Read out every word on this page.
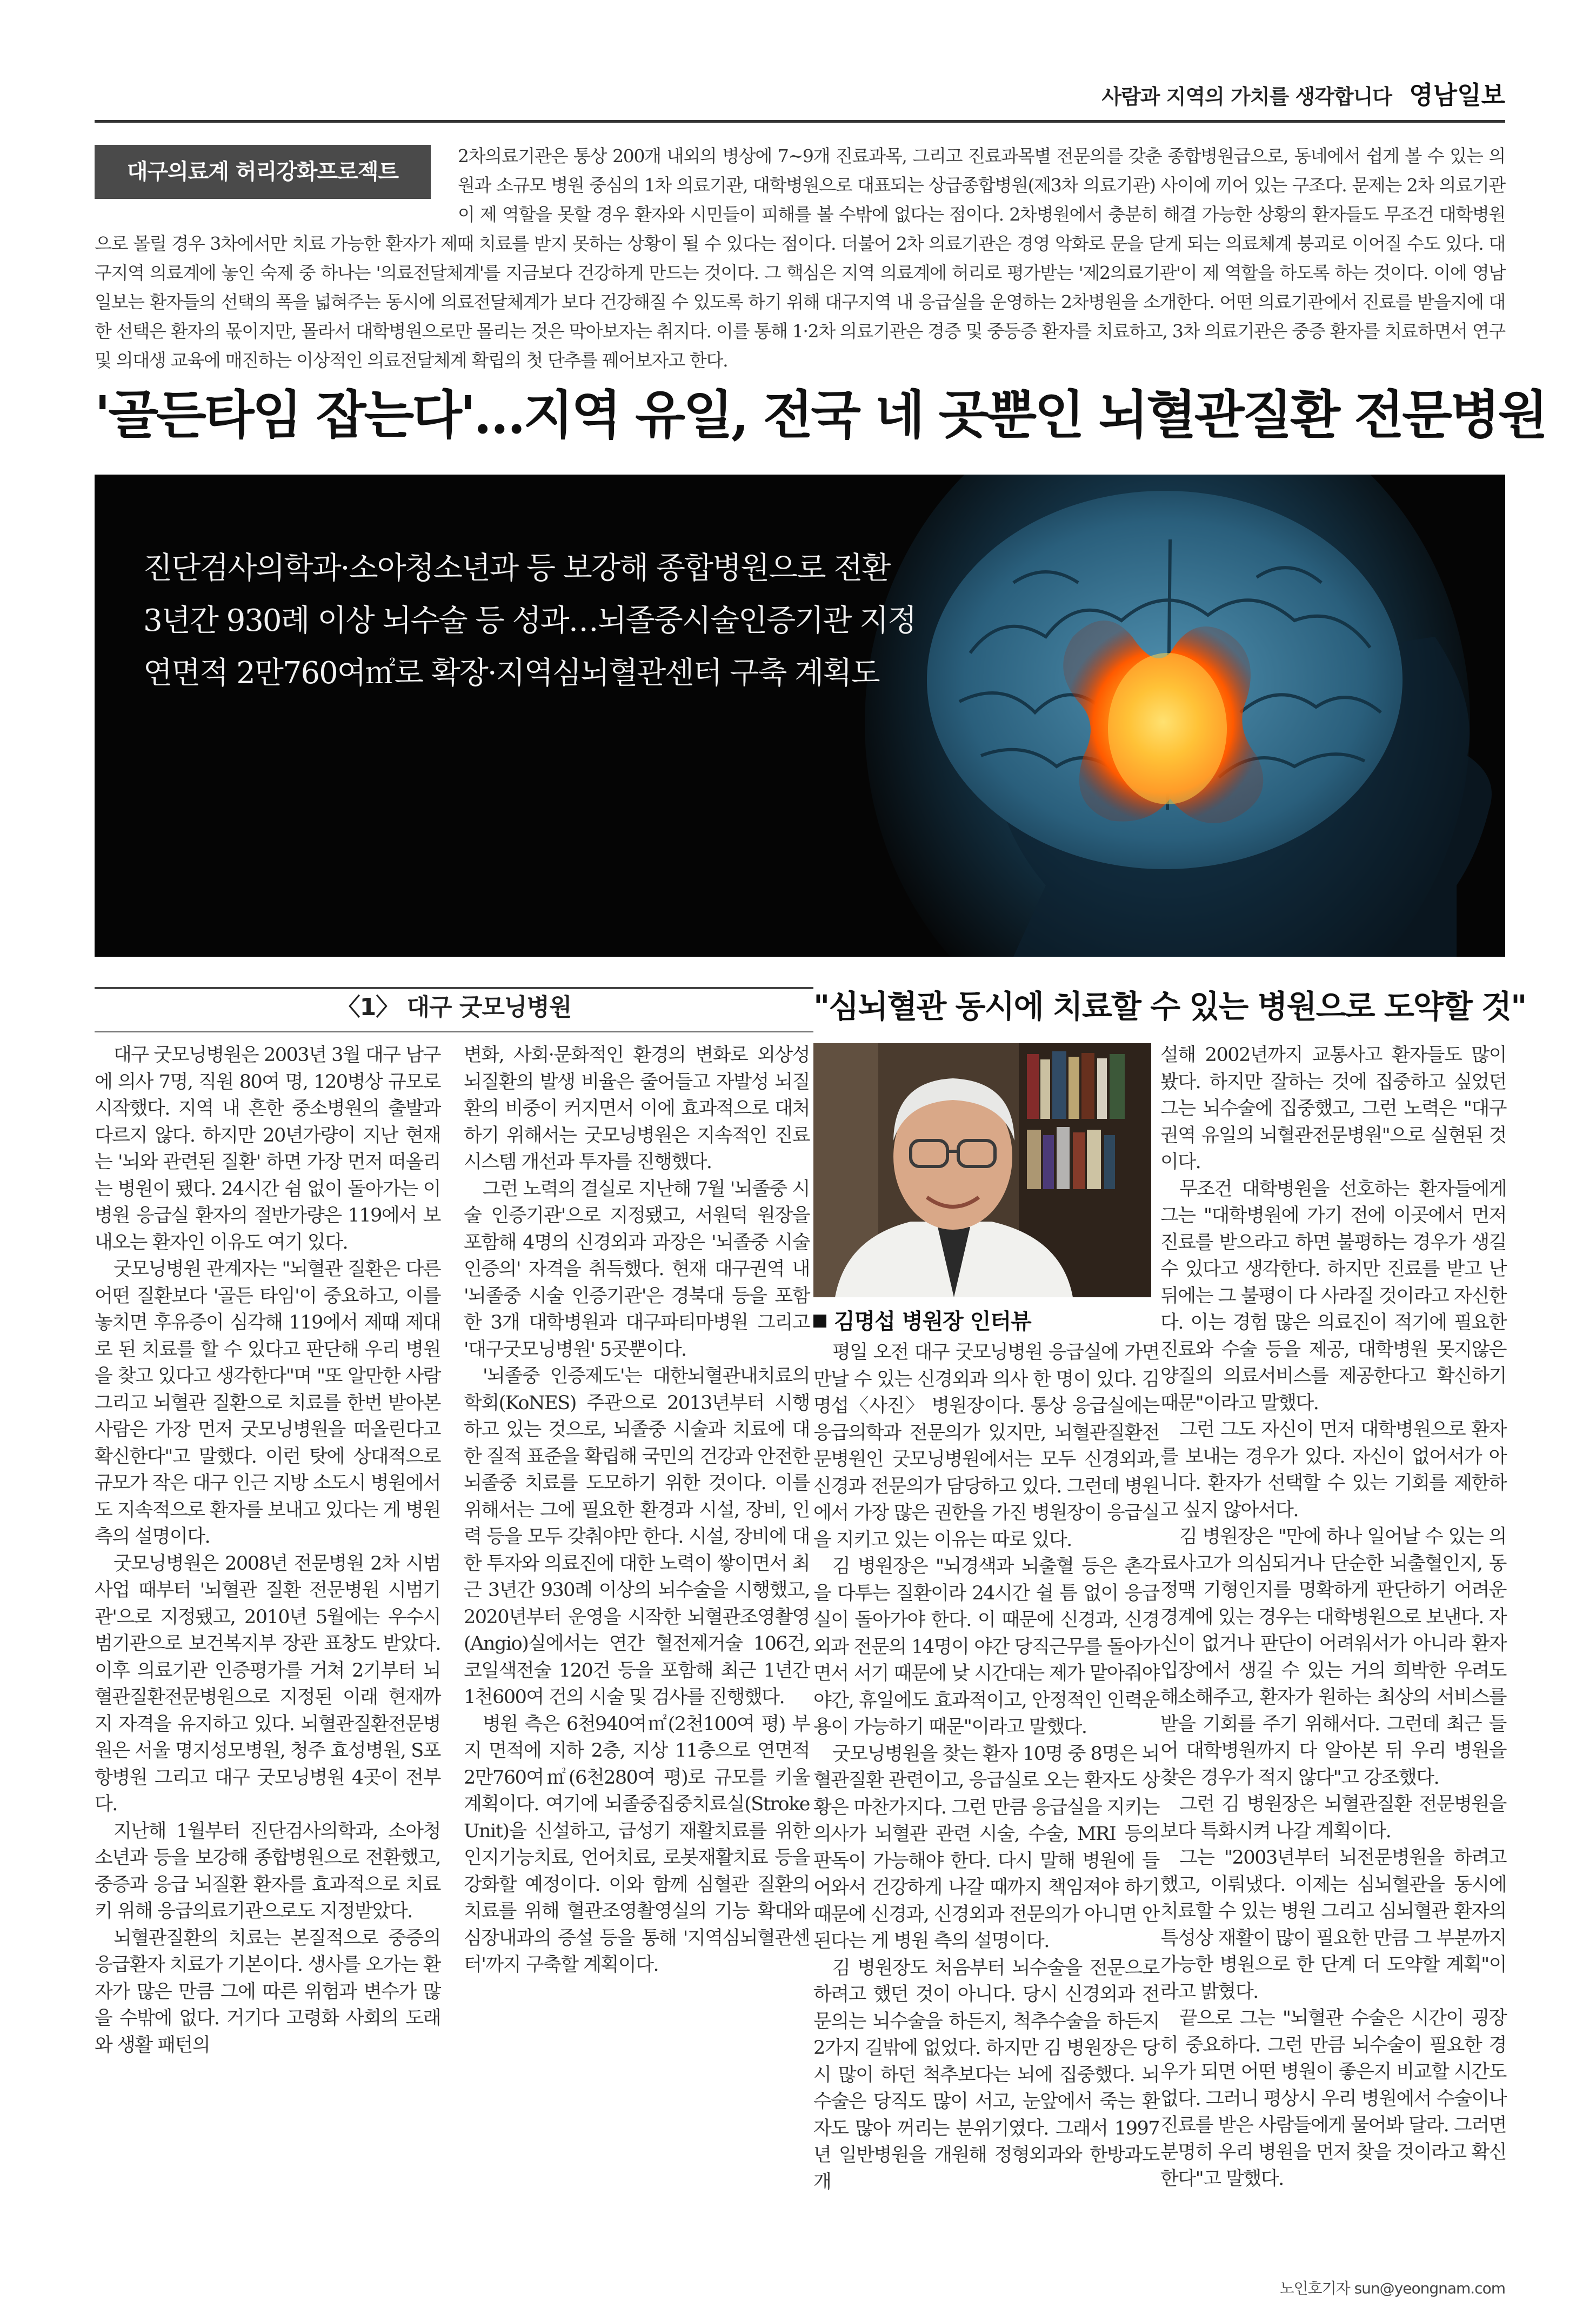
사람과 지역의 가치를 생각합니다 영남일보
2차의료기관은 통상 200개 내외의 병상에 7~9개 진료과목, 그리고 진료과목별 전문의를 갖춘 종합병원급으로, 동네에서 쉽게 볼 수 있는 의원과 소규모 병원 중심의 1차 의료기관, 대학병원으로 대표되는 상급종합병원(제3차 의료기관) 사이에 끼어 있는 구조다. 문제는 2차 의료기관이 제 역할을 못할 경우 환자와 시민들이 피해를 볼 수밖에 없다는 점이다. 2차병원에서 충분히 해결 가능한 상황의 환자들도 무조건 대학병원으로 몰릴 경우 3차에서만 치료 가능한 환자가 제때 치료를 받지 못하는 상황이 될 수 있다는 점이다. 더불어 2차 의료기관은 경영 악화로 문을 닫게 되는 의료체계 붕괴로 이어질 수도 있다. 대구지역 의료계에 놓인 숙제 중 하나는 '의료전달체계'를 지금보다 건강하게 만드는 것이다. 그 핵심은 지역 의료계에 허리로 평가받는 '제2의료기관'이 제 역할을 하도록 하는 것이다. 이에 영남일보는 환자들의 선택의 폭을 넓혀주는 동시에 의료전달체계가 보다 건강해질 수 있도록 하기 위해 대구지역 내 응급실을 운영하는 2차병원을 소개한다. 어떤 의료기관에서 진료를 받을지에 대한 선택은 환자의 몫이지만, 몰라서 대학병원으로만 몰리는 것은 막아보자는 취지다. 이를 통해 1·2차 의료기관은 경증 및 중등증 환자를 치료하고, 3차 의료기관은 중증 환자를 치료하면서 연구 및 의대생 교육에 매진하는 이상적인 의료전달체계 확립의 첫 단추를 꿰어보자고 한다.
대구의료계 허리강화프로젝트
'골든타임 잡는다'…지역 유일, 전국 네 곳뿐인 뇌혈관질환 전문병원
진단검사의학과·소아청소년과 등 보강해 종합병원으로 전환
3년간 930례 이상 뇌수술 등 성과…뇌졸중시술인증기관 지정
연면적 2만760여㎡로 확장·지역심뇌혈관센터 구축 계획도
〈1〉 대구 굿모닝병원	"심뇌혈관 동시에 치료할 수 있는 병원으로 도약할 것"

대구 굿모닝병원은 2003년 3월 대구 남구에 의사 7명, 직원 80여 명, 120병상 규모로 시작했다. 지역 내 흔한 중소병원의 출발과 다르지 않다. 하지만 20년가량이 지난 현재는 '뇌와 관련된 질환' 하면 가장 먼저 떠올리는 병원이 됐다. 24시간 쉼 없이 돌아가는 이 병원 응급실 환자의 절반가량은 119에서 보내오는 환자인 이유도 여기 있다.

굿모닝병원 관계자는 "뇌혈관 질환은 다른 어떤 질환보다 '골든 타임'이 중요하고, 이를 놓치면 후유증이 심각해 119에서 제때 제대로 된 치료를 할 수 있다고 판단해 우리 병원을 찾고 있다고 생각한다"며 "또 알만한 사람 그리고 뇌혈관 질환으로 치료를 한번 받아본 사람은 가장 먼저 굿모닝병원을 떠올린다고 확신한다"고 말했다. 이런 탓에 상대적으로 규모가 작은 대구 인근 지방 소도시 병원에서도 지속적으로 환자를 보내고 있다는 게 병원 측의 설명이다.

굿모닝병원은 2008년 전문병원 2차 시범사업 때부터 '뇌혈관 질환 전문병원 시범기관'으로 지정됐고, 2010년 5월에는 우수시범기관으로 보건복지부 장관 표창도 받았다. 이후 의료기관 인증평가를 거쳐 2기부터 뇌혈관질환전문병원으로 지정된 이래 현재까지 자격을 유지하고 있다. 뇌혈관질환전문병원은 서울 명지성모병원, 청주 효성병원, S포항병원 그리고 대구 굿모닝병원 4곳이 전부다.

지난해 1월부터 진단검사의학과, 소아청소년과 등을 보강해 종합병원으로 전환했고, 중증과 응급 뇌질환 환자를 효과적으로 치료키 위해 응급의료기관으로도 지정받았다.

뇌혈관질환의 치료는 본질적으로 중증의 응급환자 치료가 기본이다. 생사를 오가는 환자가 많은 만큼 그에 따른 위험과 변수가 많을 수밖에 없다. 거기다 고령화 사회의 도래와 생활 패턴의

변화, 사회·문화적인 환경의 변화로 외상성 뇌질환의 발생 비율은 줄어들고 자발성 뇌질환의 비중이 커지면서 이에 효과적으로 대처하기 위해서는 굿모닝병원은 지속적인 진료시스템 개선과 투자를 진행했다.

그런 노력의 결실로 지난해 7월 '뇌졸중 시술 인증기관'으로 지정됐고, 서원덕 원장을 포함해 4명의 신경외과 과장은 '뇌졸중 시술 인증의' 자격을 취득했다. 현재 대구권역 내 '뇌졸중 시술 인증기관'은 경북대 등을 포함한 3개 대학병원과 대구파티마병원 그리고 '대구굿모닝병원' 5곳뿐이다.

'뇌졸중 인증제도'는 대한뇌혈관내치료의학회(KoNES) 주관으로 2013년부터 시행하고 있는 것으로, 뇌졸중 시술과 치료에 대한 질적 표준을 확립해 국민의 건강과 안전한 뇌졸중 치료를 도모하기 위한 것이다. 이를 위해서는 그에 필요한 환경과 시설, 장비, 인력 등을 모두 갖춰야만 한다. 시설, 장비에 대한 투자와 의료진에 대한 노력이 쌓이면서 최근 3년간 930례 이상의 뇌수술을 시행했고, 2020년부터 운영을 시작한 뇌혈관조영촬영(Angio)실에서는 연간 혈전제거술 106건, 코일색전술 120건 등을 포함해 최근 1년간 1천600여 건의 시술 및 검사를 진행했다.

병원 측은 6천940여㎡(2천100여 평) 부지 면적에 지하 2층, 지상 11층으로 연면적 2만760여㎡(6천280여 평)로 규모를 키울 계획이다. 여기에 뇌졸중집중치료실(Stroke Unit)을 신설하고, 급성기 재활치료를 위한 인지기능치료, 언어치료, 로봇재활치료 등을 강화할 예정이다. 이와 함께 심혈관 질환의 치료를 위해 혈관조영촬영실의 기능 확대와 심장내과의 증설 등을 통해 '지역심뇌혈관센터'까지 구축할 계획이다.

김명섭 병원장 인터뷰

평일 오전 대구 굿모닝병원 응급실에 가면 만날 수 있는 신경외과 의사 한 명이 있다. 김명섭〈사진〉 병원장이다. 통상 응급실에는 응급의학과 전문의가 있지만, 뇌혈관질환전문병원인 굿모닝병원에서는 모두 신경외과, 신경과 전문의가 담당하고 있다. 그런데 병원에서 가장 많은 권한을 가진 병원장이 응급실을 지키고 있는 이유는 따로 있다.

김 병원장은 "뇌경색과 뇌출혈 등은 촌각을 다투는 질환이라 24시간 쉴 틈 없이 응급실이 돌아가야 한다. 이 때문에 신경과, 신경외과 전문의 14명이 야간 당직근무를 돌아가면서 서기 때문에 낮 시간대는 제가 맡아줘야 야간, 휴일에도 효과적이고, 안정적인 인력운용이 가능하기 때문"이라고 말했다.

굿모닝병원을 찾는 환자 10명 중 8명은 뇌혈관질환 관련이고, 응급실로 오는 환자도 상황은 마찬가지다. 그런 만큼 응급실을 지키는 의사가 뇌혈관 관련 시술, 수술, MRI 등의 판독이 가능해야 한다. 다시 말해 병원에 들어와서 건강하게 나갈 때까지 책임져야 하기 때문에 신경과, 신경외과 전문의가 아니면 안 된다는 게 병원 측의 설명이다.

김 병원장도 처음부터 뇌수술을 전문으로 하려고 했던 것이 아니다. 당시 신경외과 전문의는 뇌수술을 하든지, 척추수술을 하든지 2가지 길밖에 없었다. 하지만 김 병원장은 당시 많이 하던 척추보다는 뇌에 집중했다. 뇌수술은 당직도 많이 서고, 눈앞에서 죽는 환자도 많아 꺼리는 분위기였다. 그래서 1997년 일반병원을 개원해 정형외과와 한방과도 개

설해 2002년까지 교통사고 환자들도 많이 봤다. 하지만 잘하는 것에 집중하고 싶었던 그는 뇌수술에 집중했고, 그런 노력은 "대구권역 유일의 뇌혈관전문병원"으로 실현된 것이다.

무조건 대학병원을 선호하는 환자들에게 그는 "대학병원에 가기 전에 이곳에서 먼저 진료를 받으라고 하면 불평하는 경우가 생길 수 있다고 생각한다. 하지만 진료를 받고 난 뒤에는 그 불평이 다 사라질 것이라고 자신한다. 이는 경험 많은 의료진이 적기에 필요한 진료와 수술 등을 제공, 대학병원 못지않은 양질의 의료서비스를 제공한다고 확신하기 때문"이라고 말했다.

그런 그도 자신이 먼저 대학병원으로 환자를 보내는 경우가 있다. 자신이 없어서가 아니다. 환자가 선택할 수 있는 기회를 제한하고 싶지 않아서다.

김 병원장은 "만에 하나 일어날 수 있는 의료사고가 의심되거나 단순한 뇌출혈인지, 동정맥 기형인지를 명확하게 판단하기 어려운 경계에 있는 경우는 대학병원으로 보낸다. 자신이 없거나 판단이 어려워서가 아니라 환자 입장에서 생길 수 있는 거의 희박한 우려도 해소해주고, 환자가 원하는 최상의 서비스를 받을 기회를 주기 위해서다. 그런데 최근 들어 대학병원까지 다 알아본 뒤 우리 병원을 찾은 경우가 적지 않다"고 강조했다.

그런 김 병원장은 뇌혈관질환 전문병원을 보다 특화시켜 나갈 계획이다.

그는 "2003년부터 뇌전문병원을 하려고 했고, 이뤄냈다. 이제는 심뇌혈관을 동시에 치료할 수 있는 병원 그리고 심뇌혈관 환자의 특성상 재활이 많이 필요한 만큼 그 부분까지 가능한 병원으로 한 단계 더 도약할 계획"이라고 밝혔다.

끝으로 그는 "뇌혈관 수술은 시간이 굉장히 중요하다. 그런 만큼 뇌수술이 필요한 경우가 되면 어떤 병원이 좋은지 비교할 시간도 없다. 그러니 평상시 우리 병원에서 수술이나 진료를 받은 사람들에게 물어봐 달라. 그러면 분명히 우리 병원을 먼저 찾을 것이라고 확신한다"고 말했다.

노인호기자 sun@yeongnam.com
